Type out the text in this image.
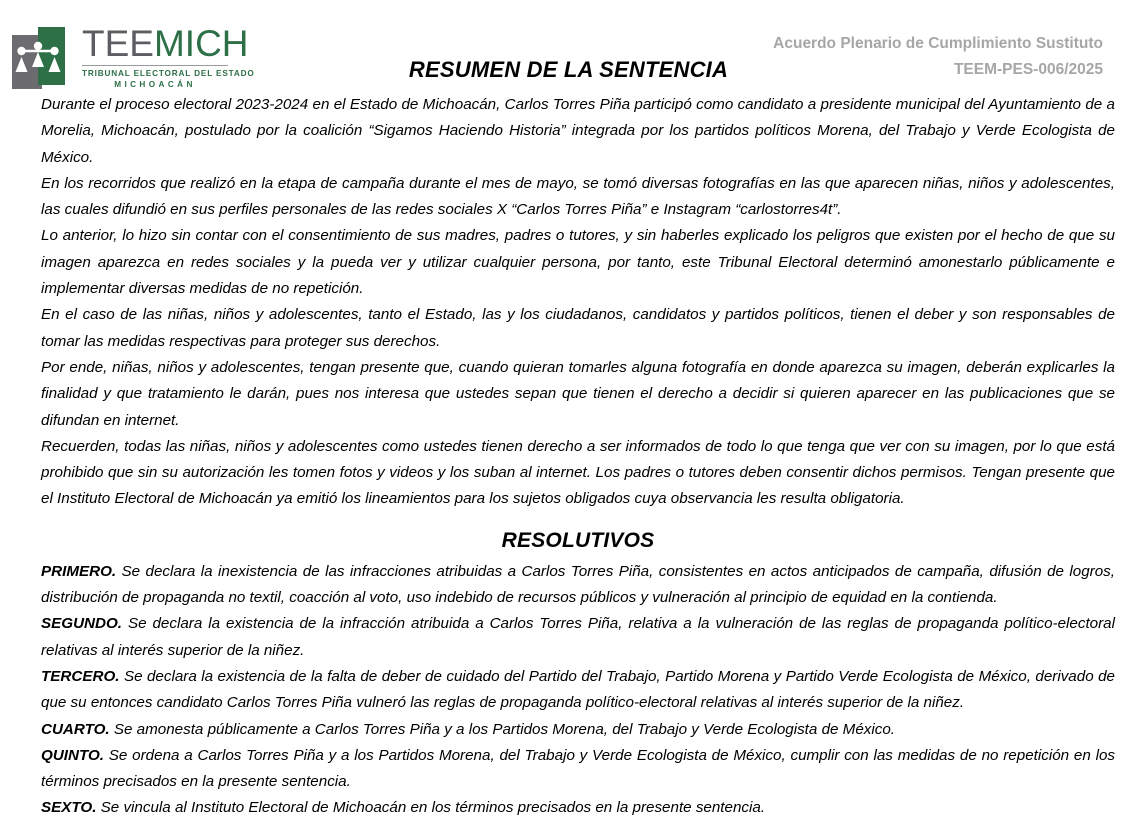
TEEMICH
TRIBUNAL ELECTORAL DEL ESTADO
MICHOACÁN
RESUMEN DE LA SENTENCIA
Acuerdo Plenario de Cumplimiento Sustituto
TEEM-PES-006/2025

Durante el proceso electoral 2023-2024 en el Estado de Michoacán, Carlos Torres Piña participó como candidato a presidente municipal del Ayuntamiento de a Morelia, Michoacán, postulado por la coalición “Sigamos Haciendo Historia” integrada por los partidos políticos Morena, del Trabajo y Verde Ecologista de México.

En los recorridos que realizó en la etapa de campaña durante el mes de mayo, se tomó diversas fotografías en las que aparecen niñas, niños y adolescentes, las cuales difundió en sus perfiles personales de las redes sociales X “Carlos Torres Piña” e Instagram “carlostorres4t”.

Lo anterior, lo hizo sin contar con el consentimiento de sus madres, padres o tutores, y sin haberles explicado los peligros que existen por el hecho de que su imagen aparezca en redes sociales y la pueda ver y utilizar cualquier persona, por tanto, este Tribunal Electoral determinó amonestarlo públicamente e implementar diversas medidas de no repetición.

En el caso de las niñas, niños y adolescentes, tanto el Estado, las y los ciudadanos, candidatos y partidos políticos, tienen el deber y son responsables de tomar las medidas respectivas para proteger sus derechos.

Por ende, niñas, niños y adolescentes, tengan presente que, cuando quieran tomarles alguna fotografía en donde aparezca su imagen, deberán explicarles la finalidad y que tratamiento le darán, pues nos interesa que ustedes sepan que tienen el derecho a decidir si quieren aparecer en las publicaciones que se difundan en internet.

Recuerden, todas las niñas, niños y adolescentes como ustedes tienen derecho a ser informados de todo lo que tenga que ver con su imagen, por lo que está prohibido que sin su autorización les tomen fotos y videos y los suban al internet. Los padres o tutores deben consentir dichos permisos. Tengan presente que el Instituto Electoral de Michoacán ya emitió los lineamientos para los sujetos obligados cuya observancia les resulta obligatoria.

RESOLUTIVOS

PRIMERO. Se declara la inexistencia de las infracciones atribuidas a Carlos Torres Piña, consistentes en actos anticipados de campaña, difusión de logros, distribución de propaganda no textil, coacción al voto, uso indebido de recursos públicos y vulneración al principio de equidad en la contienda.

SEGUNDO. Se declara la existencia de la infracción atribuida a Carlos Torres Piña, relativa a la vulneración de las reglas de propaganda político-electoral relativas al interés superior de la niñez.

TERCERO. Se declara la existencia de la falta de deber de cuidado del Partido del Trabajo, Partido Morena y Partido Verde Ecologista de México, derivado de que su entonces candidato Carlos Torres Piña vulneró las reglas de propaganda político-electoral relativas al interés superior de la niñez.

CUARTO. Se amonesta públicamente a Carlos Torres Piña y a los Partidos Morena, del Trabajo y Verde Ecologista de México.

QUINTO. Se ordena a Carlos Torres Piña y a los Partidos Morena, del Trabajo y Verde Ecologista de México, cumplir con las medidas de no repetición en los términos precisados en la presente sentencia.

SEXTO. Se vincula al Instituto Electoral de Michoacán en los términos precisados en la presente sentencia.
